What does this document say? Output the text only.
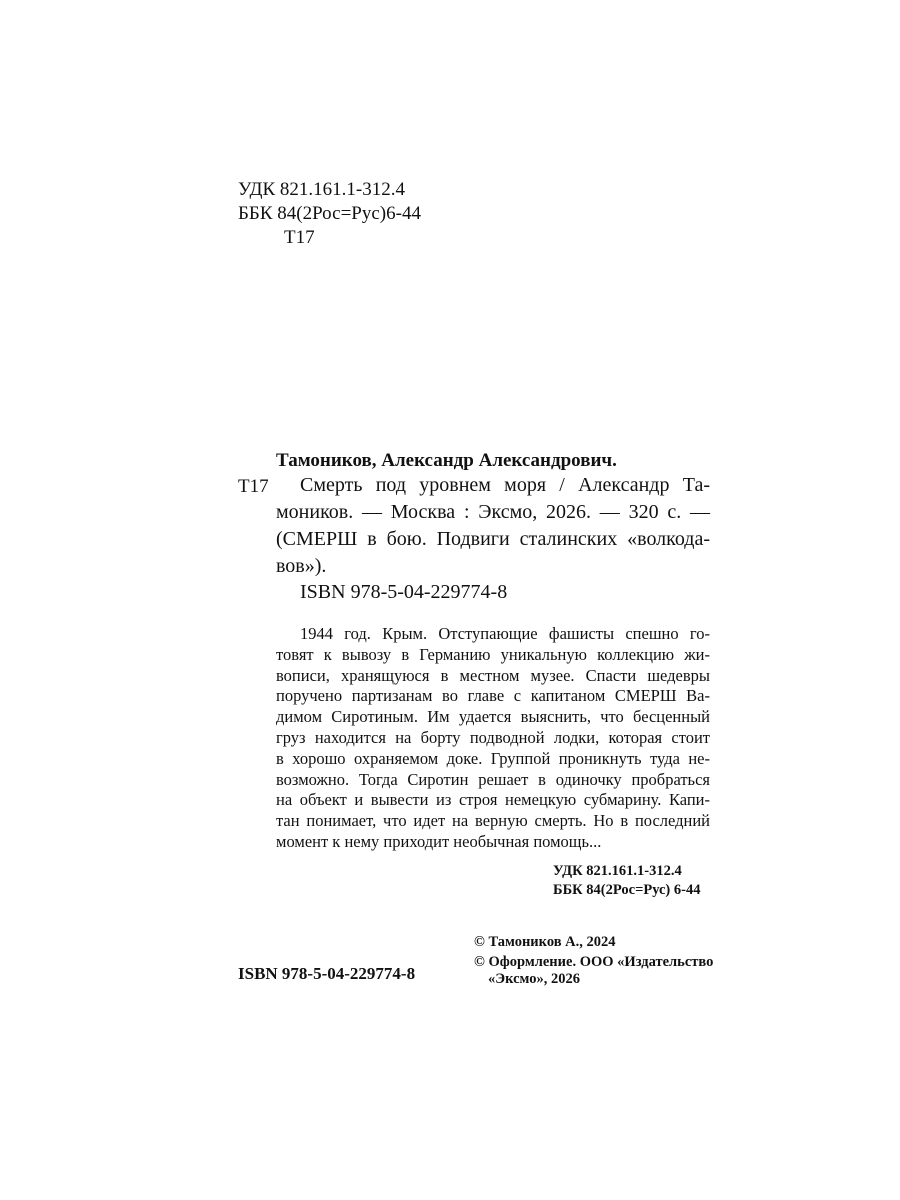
УДК 821.161.1-312.4
ББК 84(2Рос=Рус)6-44
Т17
Тамоников, Александр Александрович.
Т17	Смерть под уровнем моря / Александр Та-
моников. — Москва : Эксмо, 2026. — 320 с. —
(СМЕРШ в бою. Подвиги сталинских «волкода-
вов»).
ISBN 978-5-04-229774-8
1944 год. Крым. Отступающие фашисты спешно го-
товят к вывозу в Германию уникальную коллекцию жи-
вописи, хранящуюся в местном музее. Спасти шедевры
поручено партизанам во главе с капитаном СМЕРШ Ва-
димом Сиротиным. Им удается выяснить, что бесценный
груз находится на борту подводной лодки, которая стоит
в хорошо охраняемом доке. Группой проникнуть туда не-
возможно. Тогда Сиротин решает в одиночку пробраться
на объект и вывести из строя немецкую субмарину. Капи-
тан понимает, что идет на верную смерть. Но в последний
момент к нему приходит необычная помощь...
УДК 821.161.1-312.4
ББК 84(2Рос=Рус) 6-44
© Тамоников А., 2024
© Оформление. ООО «Издательство
«Эксмо», 2026
ISBN 978-5-04-229774-8
